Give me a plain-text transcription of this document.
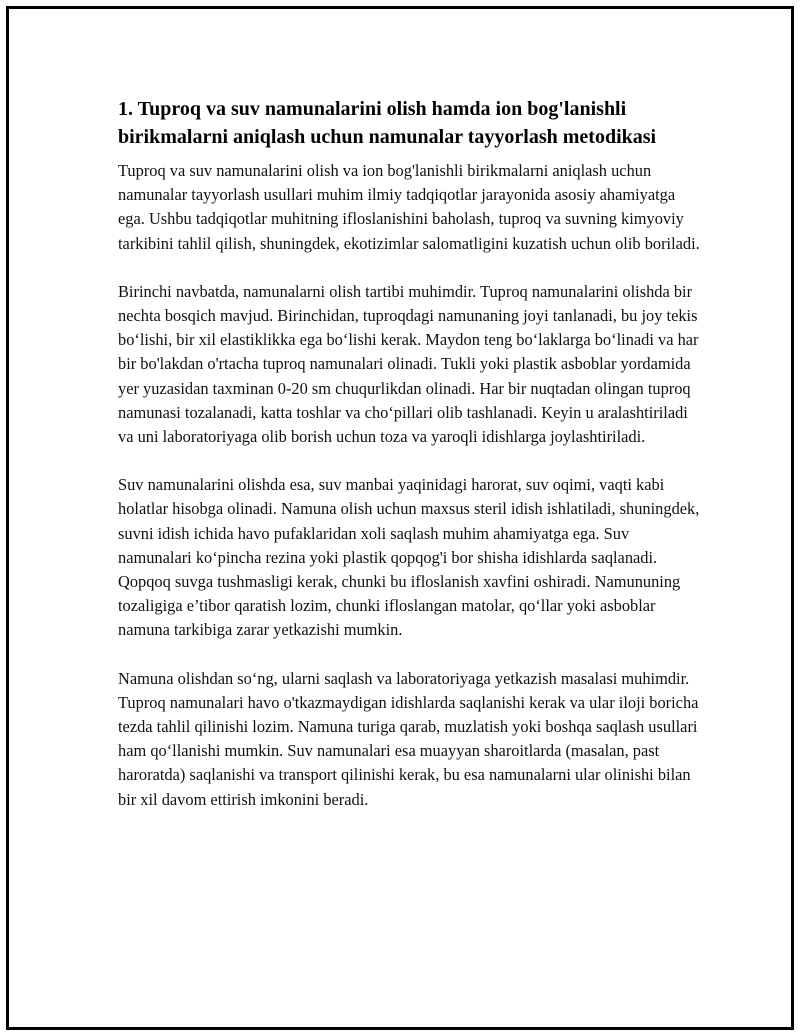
1. Tuproq va suv namunalarini olish hamda ion bog'lanishli birikmalarni aniqlash uchun namunalar tayyorlash metodikasi

Tuproq va suv namunalarini olish va ion bog'lanishli birikmalarni aniqlash uchun namunalar tayyorlash usullari muhim ilmiy tadqiqotlar jarayonida asosiy ahamiyatga ega. Ushbu tadqiqotlar muhitning ifloslanishini baholash, tuproq va suvning kimyoviy tarkibini tahlil qilish, shuningdek, ekotizimlar salomatligini kuzatish uchun olib boriladi.

Birinchi navbatda, namunalarni olish tartibi muhimdir. Tuproq namunalarini olishda bir nechta bosqich mavjud. Birinchidan, tuproqdagi namunaning joyi tanlanadi, bu joy tekis bo‘lishi, bir xil elastiklikka ega bo‘lishi kerak. Maydon teng bo‘laklarga bo‘linadi va har bir bo'lakdan o'rtacha tuproq namunalari olinadi. Tukli yoki plastik asboblar yordamida yer yuzasidan taxminan 0-20 sm chuqurlikdan olinadi. Har bir nuqtadan olingan tuproq namunasi tozalanadi, katta toshlar va cho‘pillari olib tashlanadi. Keyin u aralashtiriladi va uni laboratoriyaga olib borish uchun toza va yaroqli idishlarga joylashtiriladi.

Suv namunalarini olishda esa, suv manbai yaqinidagi harorat, suv oqimi, vaqti kabi holatlar hisobga olinadi. Namuna olish uchun maxsus steril idish ishlatiladi, shuningdek, suvni idish ichida havo pufaklaridan xoli saqlash muhim ahamiyatga ega. Suv namunalari ko‘pincha rezina yoki plastik qopqog'i bor shisha idishlarda saqlanadi. Qopqoq suvga tushmasligi kerak, chunki bu ifloslanish xavfini oshiradi. Namununing tozaligiga e’tibor qaratish lozim, chunki ifloslangan matolar, qo‘llar yoki asboblar namuna tarkibiga zarar yetkazishi mumkin.

Namuna olishdan so‘ng, ularni saqlash va laboratoriyaga yetkazish masalasi muhimdir. Tuproq namunalari havo o'tkazmaydigan idishlarda saqlanishi kerak va ular iloji boricha tezda tahlil qilinishi lozim. Namuna turiga qarab, muzlatish yoki boshqa saqlash usullari ham qo‘llanishi mumkin. Suv namunalari esa muayyan sharoitlarda (masalan, past haroratda) saqlanishi va transport qilinishi kerak, bu esa namunalarni ular olinishi bilan bir xil davom ettirish imkonini beradi.
